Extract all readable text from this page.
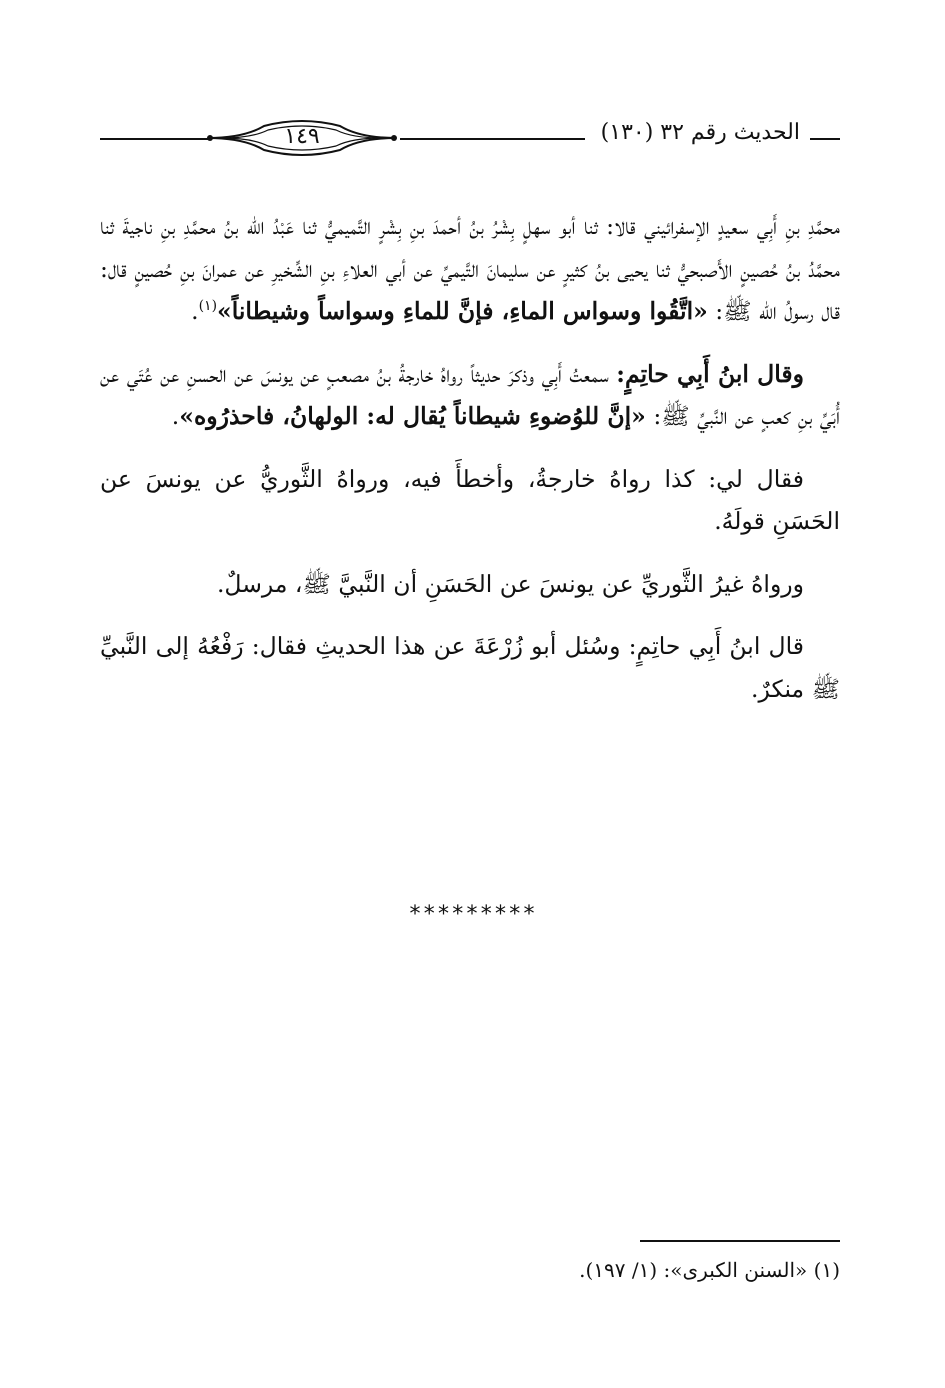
الحديث رقم ٣٢ (١٣٠)
١٤٩

محمَّدِ بنِ أَبِي سعيدٍ الإسفرائيني قالا: ثنا أبو سهلٍ بِشْرُ بنُ أحمدَ بنِ بِشْرٍ التَّميميُّ ثنا عَبْدُ الله بنُ محمَّدِ بنِ ناجيةَ ثنا محمَّدُ بنُ حُصينٍ الأَصبحيُّ ثنا يحيى بنُ كثيرٍ عن سليمانَ التَّيميِّ عن أبي العلاءِ بنِ الشِّخيرِ عن عمرانَ بنِ حُصينٍ قال: قال رسولُ الله ﷺ: «اتَّقُوا وسواس الماءِ، فإنَّ للماءِ وسواساً وشيطاناً»$^{(١)}$.

وقال ابنُ أَبِي حاتِمٍ: سمعتُ أَبِي وذكرَ حديثاً رواهُ خارجةُ بنُ مصعبٍ عن يونسَ عن الحسنِ عن عُتَي عن أُبَيِّ بنِ كعبٍ عن النَّبيِّ ﷺ: «إنَّ للوُضوءِ شيطاناً يُقال له: الولهانُ، فاحذرُوه».

فقال لي: كذا رواهُ خارجةُ، وأخطأَ فيه، ورواهُ الثَّوريُّ عن يونسَ عن الحَسَنِ قولَهُ.

ورواهُ غيرُ الثَّوريِّ عن يونسَ عن الحَسَنِ أن النَّبيَّ ﷺ، مرسلٌ.

قال ابنُ أَبِي حاتِمٍ: وسُئل أبو زُرْعَةَ عن هذا الحديثِ فقال: رَفْعُهُ إلى النَّبيِّ ﷺ منكرٌ.

*********
(١) «السنن الكبرى»: (١/ ١٩٧).
